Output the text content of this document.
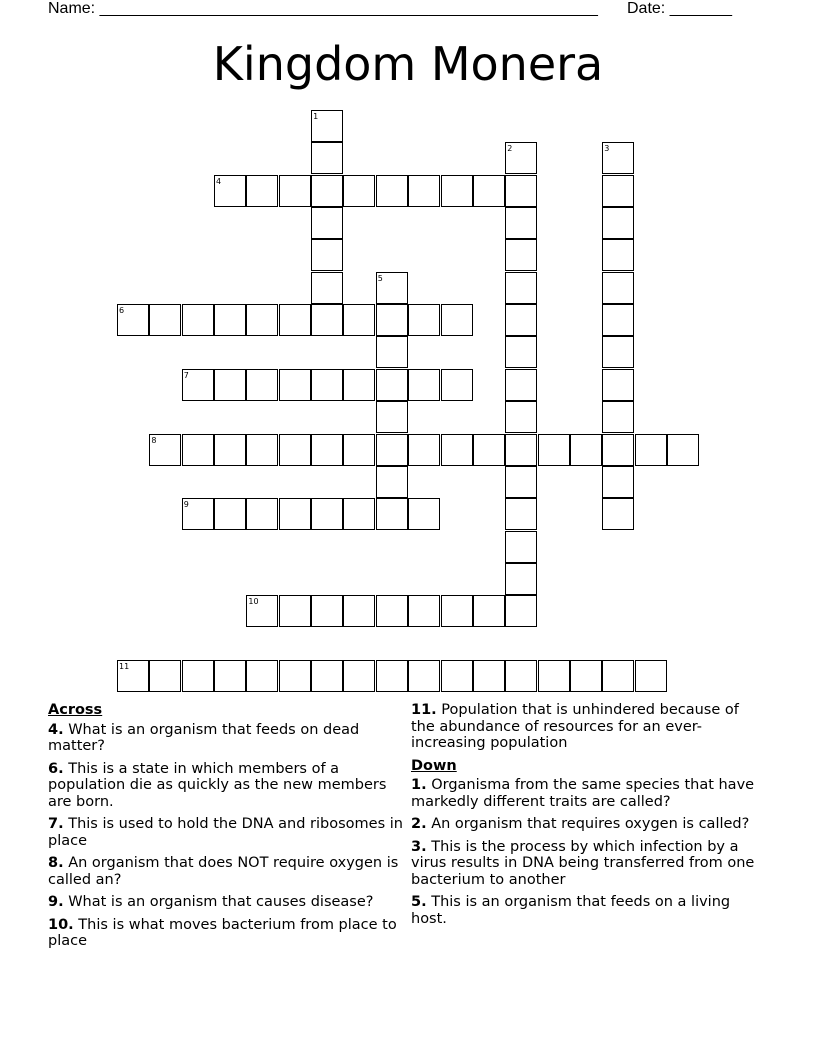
Name: ________________________________________________________ Date: _______
Kingdom Monera
1
2	3
4
5
6
7
8
9
10
11
Across
4. What is an organism that feeds on dead matter?
6. This is a state in which members of a population die as quickly as the new members are born.
7. This is used to hold the DNA and ribosomes in place
8. An organism that does NOT require oxygen is called an?
9. What is an organism that causes disease?
10. This is what moves bacterium from place to place
11. Population that is unhindered because of the abundance of resources for an ever-increasing population
Down
1. Organisma from the same species that have markedly different traits are called?
2. An organism that requires oxygen is called?
3. This is the process by which infection by a virus results in DNA being transferred from one bacterium to another
5. This is an organism that feeds on a living host.
